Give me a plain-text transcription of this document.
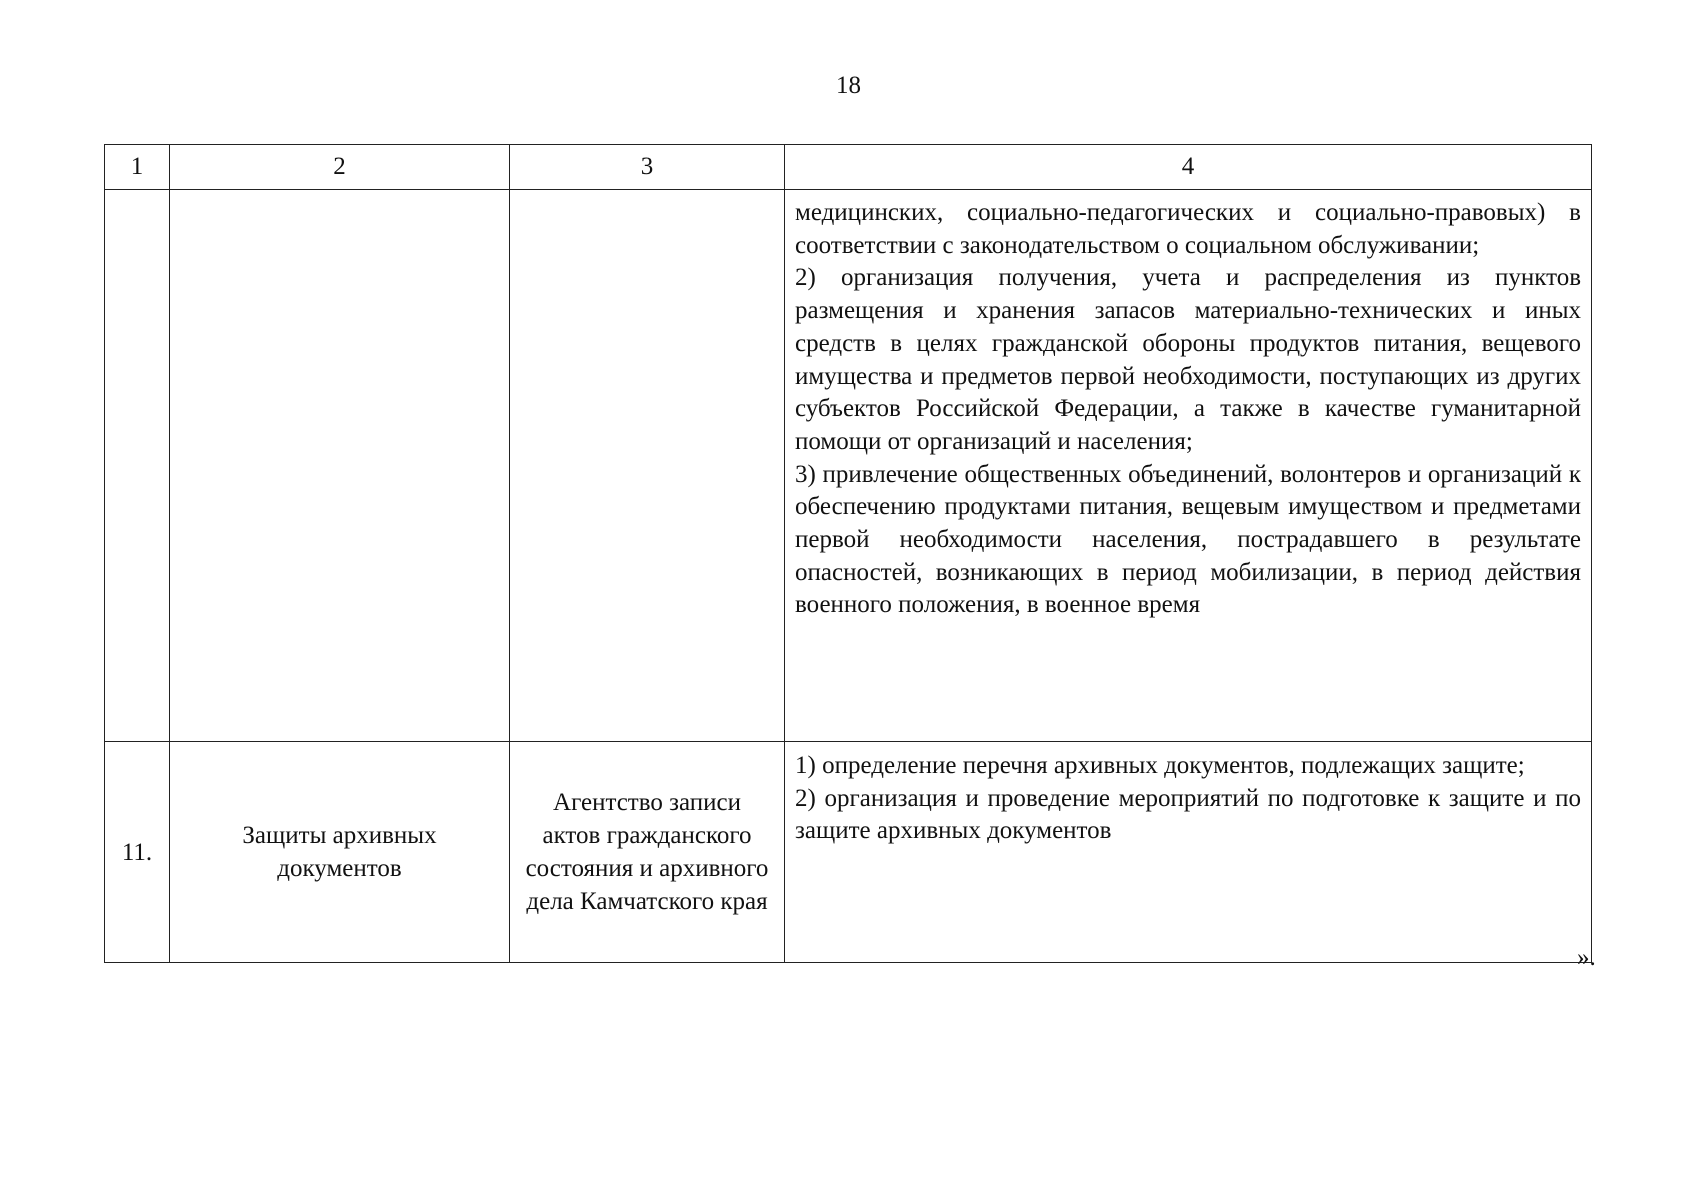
18
1	2	3	4

			медицинских, социально-педагогических и социально-правовых) в соответствии с законодательством о социальном обслуживании;

2) организация получения, учета и распределения из пунктов размещения и хранения запасов материально-технических и иных средств в целях гражданской обороны продуктов питания, вещевого имущества и предметов первой необходимости, поступающих из других субъектов Российской Федерации, а также в качестве гуманитарной помощи от организаций и населения;

3) привлечение общественных объединений, волонтеров и организаций к обеспечению продуктами питания, вещевым имуществом и предметами первой необходимости населения, пострадавшего в результате опасностей, возникающих в период мобилизации, в период действия военного положения, в военное время

11.	Защиты архивных документов	Агентство записи актов гражданского состояния и архивного дела Камчатского края	1) определение перечня архивных документов, подлежащих защите;

2) организация и проведение мероприятий по подготовке к защите и по защите архивных документов

».
